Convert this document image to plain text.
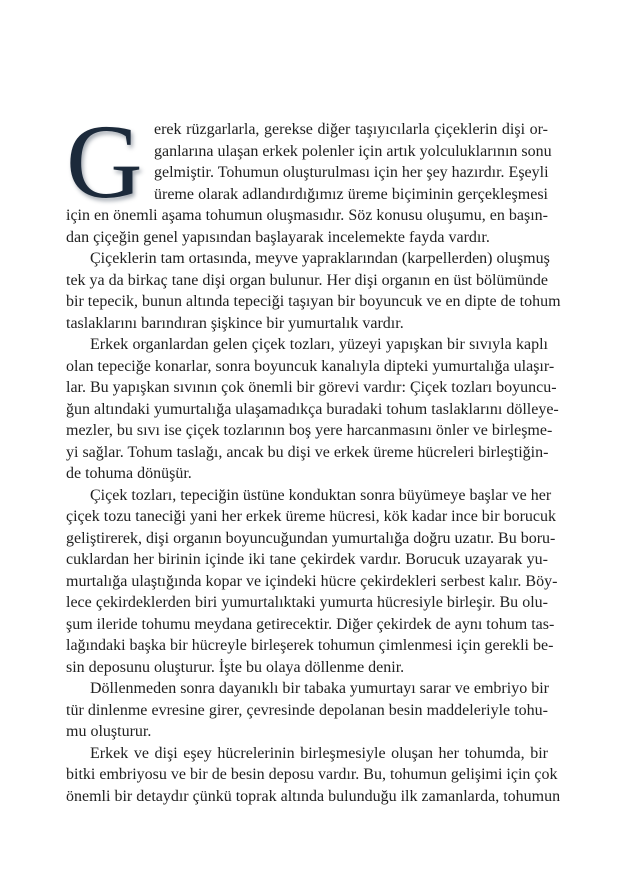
G erek rüzgarlarla, gerekse diğer taşıyıcılarla çiçeklerin dişi or-
ganlarına ulaşan erkek polenler için artık yolculuklarının sonu
gelmiştir. Tohumun oluşturulması için her şey hazırdır. Eşeyli
üreme olarak adlandırdığımız üreme biçiminin gerçekleşmesi
için en önemli aşama tohumun oluşmasıdır. Söz konusu oluşumu, en başın-
dan çiçeğin genel yapısından başlayarak incelemekte fayda vardır.
Çiçeklerin tam ortasında, meyve yapraklarından (karpellerden) oluşmuş
tek ya da birkaç tane dişi organ bulunur. Her dişi organın en üst bölümünde
bir tepecik, bunun altında tepeciği taşıyan bir boyuncuk ve en dipte de tohum
taslaklarını barındıran şişkince bir yumurtalık vardır.
Erkek organlardan gelen çiçek tozları, yüzeyi yapışkan bir sıvıyla kaplı
olan tepeciğe konarlar, sonra boyuncuk kanalıyla dipteki yumurtalığa ulaşır-
lar. Bu yapışkan sıvının çok önemli bir görevi vardır: Çiçek tozları boyuncu-
ğun altındaki yumurtalığa ulaşamadıkça buradaki tohum taslaklarını dölleye-
mezler, bu sıvı ise çiçek tozlarının boş yere harcanmasını önler ve birleşme-
yi sağlar. Tohum taslağı, ancak bu dişi ve erkek üreme hücreleri birleştiğin-
de tohuma dönüşür.
Çiçek tozları, tepeciğin üstüne konduktan sonra büyümeye başlar ve her
çiçek tozu taneciği yani her erkek üreme hücresi, kök kadar ince bir borucuk
geliştirerek, dişi organın boyuncuğundan yumurtalığa doğru uzatır. Bu boru-
cuklardan her birinin içinde iki tane çekirdek vardır. Borucuk uzayarak yu-
murtalığa ulaştığında kopar ve içindeki hücre çekirdekleri serbest kalır. Böy-
lece çekirdeklerden biri yumurtalıktaki yumurta hücresiyle birleşir. Bu olu-
şum ileride tohumu meydana getirecektir. Diğer çekirdek de aynı tohum tas-
lağındaki başka bir hücreyle birleşerek tohumun çimlenmesi için gerekli be-
sin deposunu oluşturur. İşte bu olaya döllenme denir.
Döllenmeden sonra dayanıklı bir tabaka yumurtayı sarar ve embriyo bir
tür dinlenme evresine girer, çevresinde depolanan besin maddeleriyle tohu-
mu oluşturur.
Erkek ve dişi eşey hücrelerinin birleşmesiyle oluşan her tohumda, bir
bitki embriyosu ve bir de besin deposu vardır. Bu, tohumun gelişimi için çok
önemli bir detaydır çünkü toprak altında bulunduğu ilk zamanlarda, tohumun
